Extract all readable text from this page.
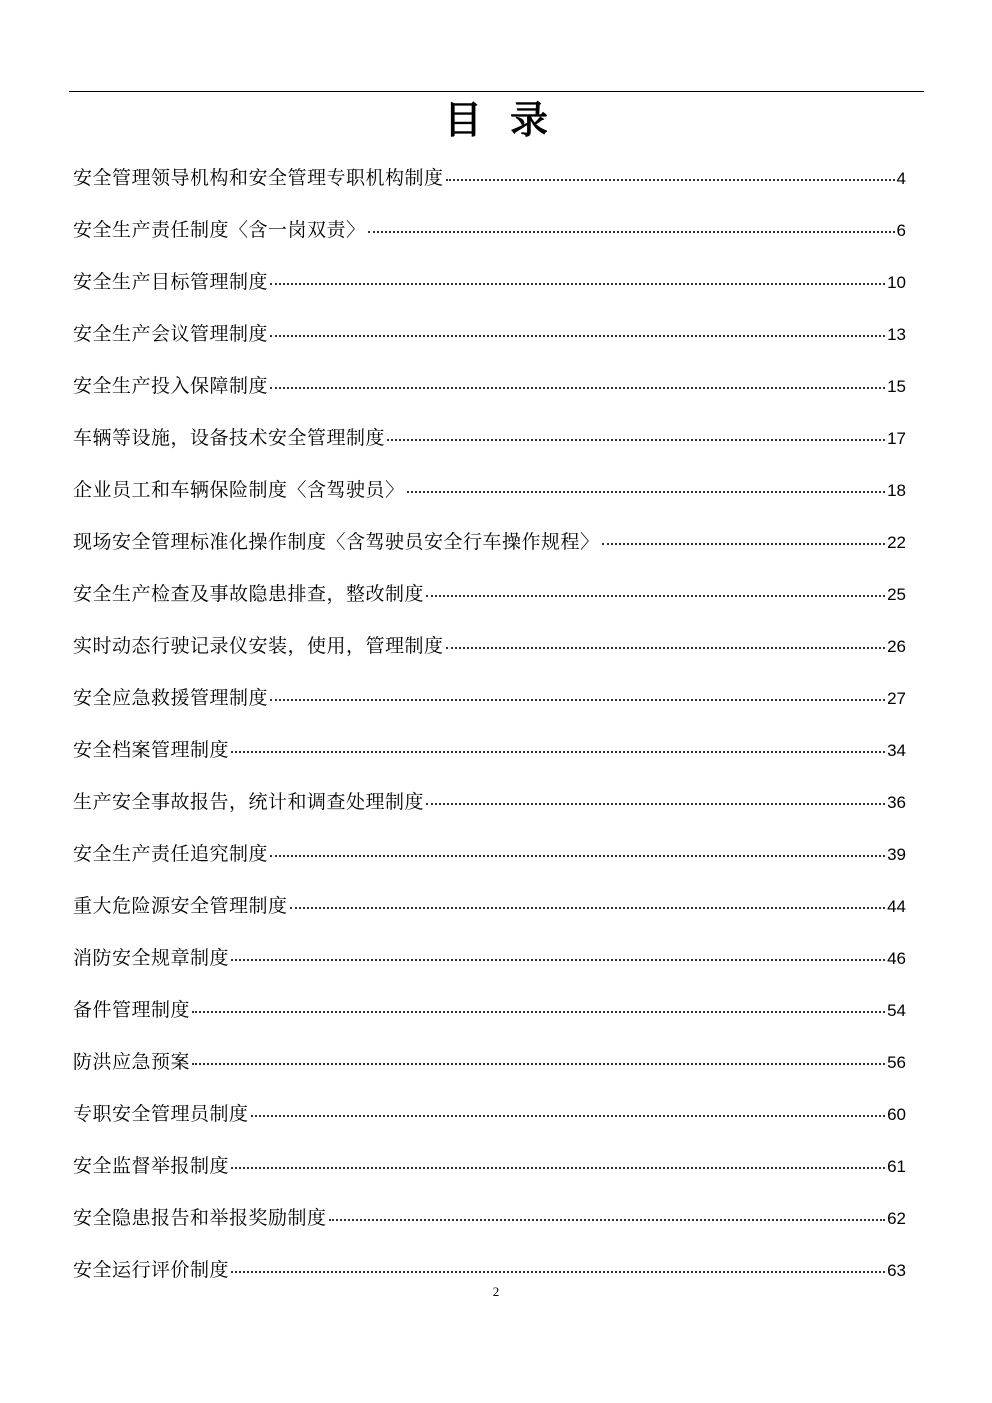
目录
安全管理领导机构和安全管理专职机构制度	4
安全生产责任制度〈含一岗双责〉	6
安全生产目标管理制度	10
安全生产会议管理制度	13
安全生产投入保障制度	15
车辆等设施，设备技术安全管理制度	17
企业员工和车辆保险制度〈含驾驶员〉	18
现场安全管理标准化操作制度〈含驾驶员安全行车操作规程〉	22
安全生产检查及事故隐患排查，整改制度	25
实时动态行驶记录仪安装，使用，管理制度	26
安全应急救援管理制度	27
安全档案管理制度	34
生产安全事故报告，统计和调查处理制度	36
安全生产责任追究制度	39
重大危险源安全管理制度	44
消防安全规章制度	46
备件管理制度	54
防洪应急预案	56
专职安全管理员制度	60
安全监督举报制度	61
安全隐患报告和举报奖励制度	62
安全运行评价制度	63
2
